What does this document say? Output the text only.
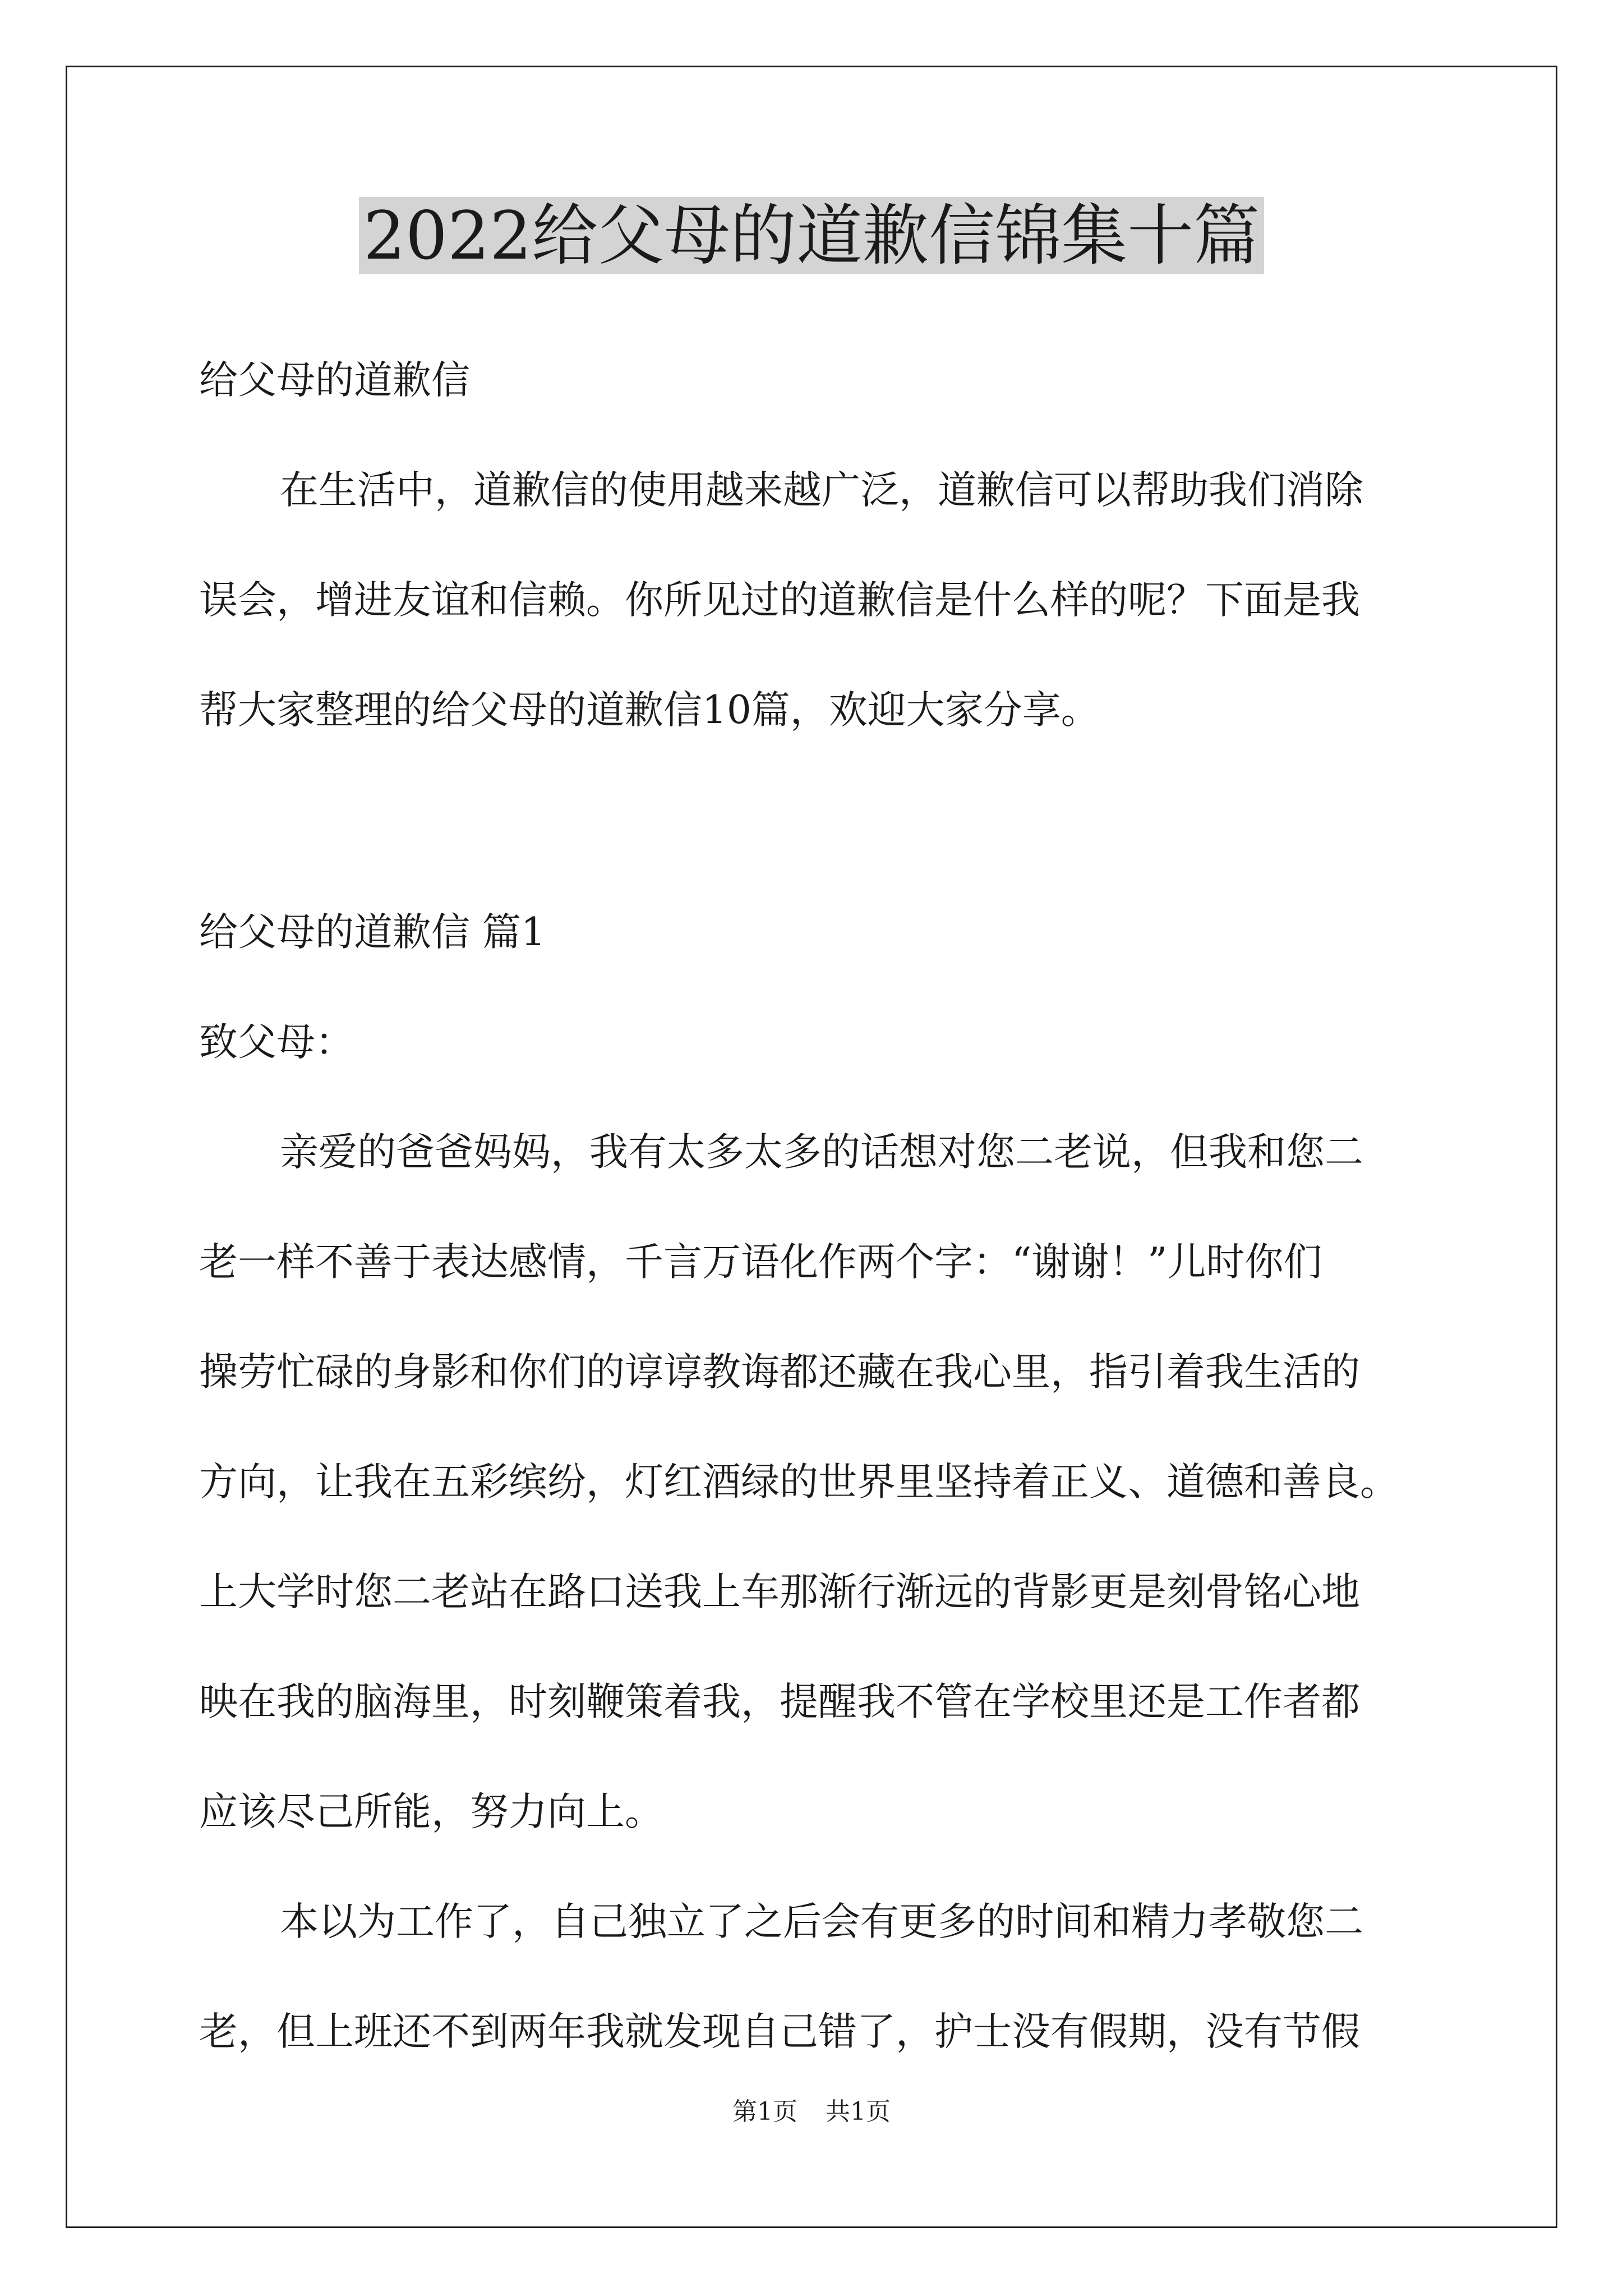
2022给父母的道歉信锦集十篇
给父母的道歉信
在生活中，道歉信的使用越来越广泛，道歉信可以帮助我们消除
误会，增进友谊和信赖。你所见过的道歉信是什么样的呢？下面是我
帮大家整理的给父母的道歉信10篇，欢迎大家分享。
给父母的道歉信 篇1
致父母：
亲爱的爸爸妈妈，我有太多太多的话想对您二老说，但我和您二
老一样不善于表达感情，千言万语化作两个字：“谢谢！”儿时你们
操劳忙碌的身影和你们的谆谆教诲都还藏在我心里，指引着我生活的
方向，让我在五彩缤纷，灯红酒绿的世界里坚持着正义、道德和善良。
上大学时您二老站在路口送我上车那渐行渐远的背影更是刻骨铭心地
映在我的脑海里，时刻鞭策着我，提醒我不管在学校里还是工作者都
应该尽己所能，努力向上。
本以为工作了，自己独立了之后会有更多的时间和精力孝敬您二
老，但上班还不到两年我就发现自己错了，护士没有假期，没有节假
第1页 共1页
